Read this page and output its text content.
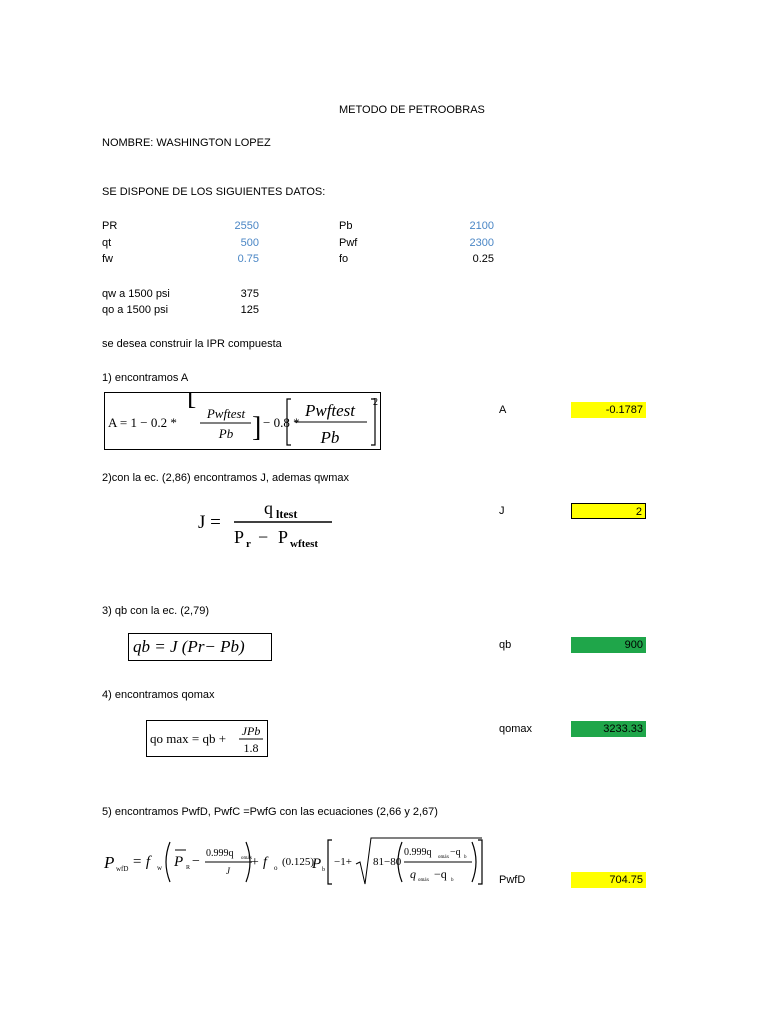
METODO DE PETROOBRAS
NOMBRE: WASHINGTON LOPEZ
SE DISPONE DE LOS SIGUIENTES DATOS:
PR	2550	Pb	2100
qt	500	Pwf	2300
fw	0.75	fo	0.25
qw a 1500 psi	375
qo a 1500 psi	125
se desea construir la IPR compuesta
1) encontramos A
A = 1 − 0.2 *
[
Pwftest
Pb ] − 0.8 *
Pwftest
Pb
2
A	-0.1787
2)con la ec. (2,86) encontramos J, ademas qwmax
J =
q ltest
P r − P wftest
J	2
3) qb con la ec. (2,79)
qb = J (Pr− Pb)	qb	900
4) encontramos qomax
qo max = qb + JPb
1.8
qomax	3233.33
5) encontramos PwfD, PwfC =PwfG con las ecuaciones (2,66 y 2,67)
P wfD = f w P R −
0.999q omáx
J
+ f	o (0.125)
P b
−1+ 81−80
0.999q omáx −q b
q omáx −q b	PwfD	704.75
